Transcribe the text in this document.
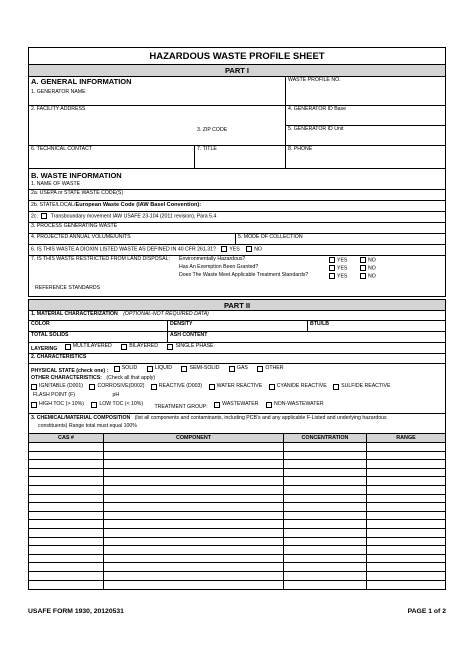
HAZARDOUS WASTE PROFILE SHEET
PART I
A. GENERAL INFORMATION
1. GENERATOR NAME
WASTE PROFILE NO.
2. FACILITY ADDRESS
3. ZIP CODE
4. GENERATOR ID Base
5. GENERATOR ID Unit
6. TECHNICAL CONTACT	7. TITLE	8. PHONE
B. WASTE INFORMATION
1. NAME OF WASTE
2a. USEPA or STATE WASTE CODE(S)
2b. STATE/LOCAL/European Waste Code (IAW Basel Convention):
2c. Transboundary movement IAW USAFE 23-104 (2011 revision), Para 5.4
3. PROCESS GENERATING WASTE
4. PROJECTED ANNUAL VOLUME/UNITS	5. MODE OF COLLECTION
6. IS THIS WASTE A DIOXIN LISTED WASTE AS DEFINED IN 40 CFR 261.31?	YES	NO
7. IS THIS WASTE RESTRICTED FROM LAND DISPOSAL: Environmentally Hazardous?
Has An Exemption Been Granted?
Does The Waste Meet Applicable Treatment Standards?
YES	NO
YES	NO
YES	NO
REFERENCE STANDARDS
PART II
1. MATERIAL CHARACTERIZATION (OPTIONAL-NOT REQUIRED DATA)
COLOR	DENSITY	BTU/LB
TOTAL SOLIDS	ASH CONTENT
LAYERING	MULTILAYERED
	BILAYERED
	SINGLE PHASE
2. CHARACTERISTICS
PHYSICAL STATE (check one) :	SOLID
	LIQUID
	SEMI-SOLID
	GAS
	OTHER
OTHER CHARACTERISTICS: (Check all that apply)
IGNITABLE (D001)
	CORROSIVE(D002)
	REACTIVE (D003)
	WATER REACTIVE
	CYANIDE REACTIVE
	SULFIDE REACTIVE
FLASH POINT (F)	pH
HIGH TOC (> 10%)
	LOW TOC (< 10%) TREATMENT GROUP:	WASTEWATER
	NON-WASTEWATER
3. CHEMICAL/MATERIAL COMPOSITION (list all components and contaminants, including PCB's and any applicable F-Listed and underlying hazardous
constituents) Range total must equal 100%
CAS #	COMPONENT	CONCENTRATION	RANGE
USAFE FORM 1930, 20120531	PAGE 1 of 2
